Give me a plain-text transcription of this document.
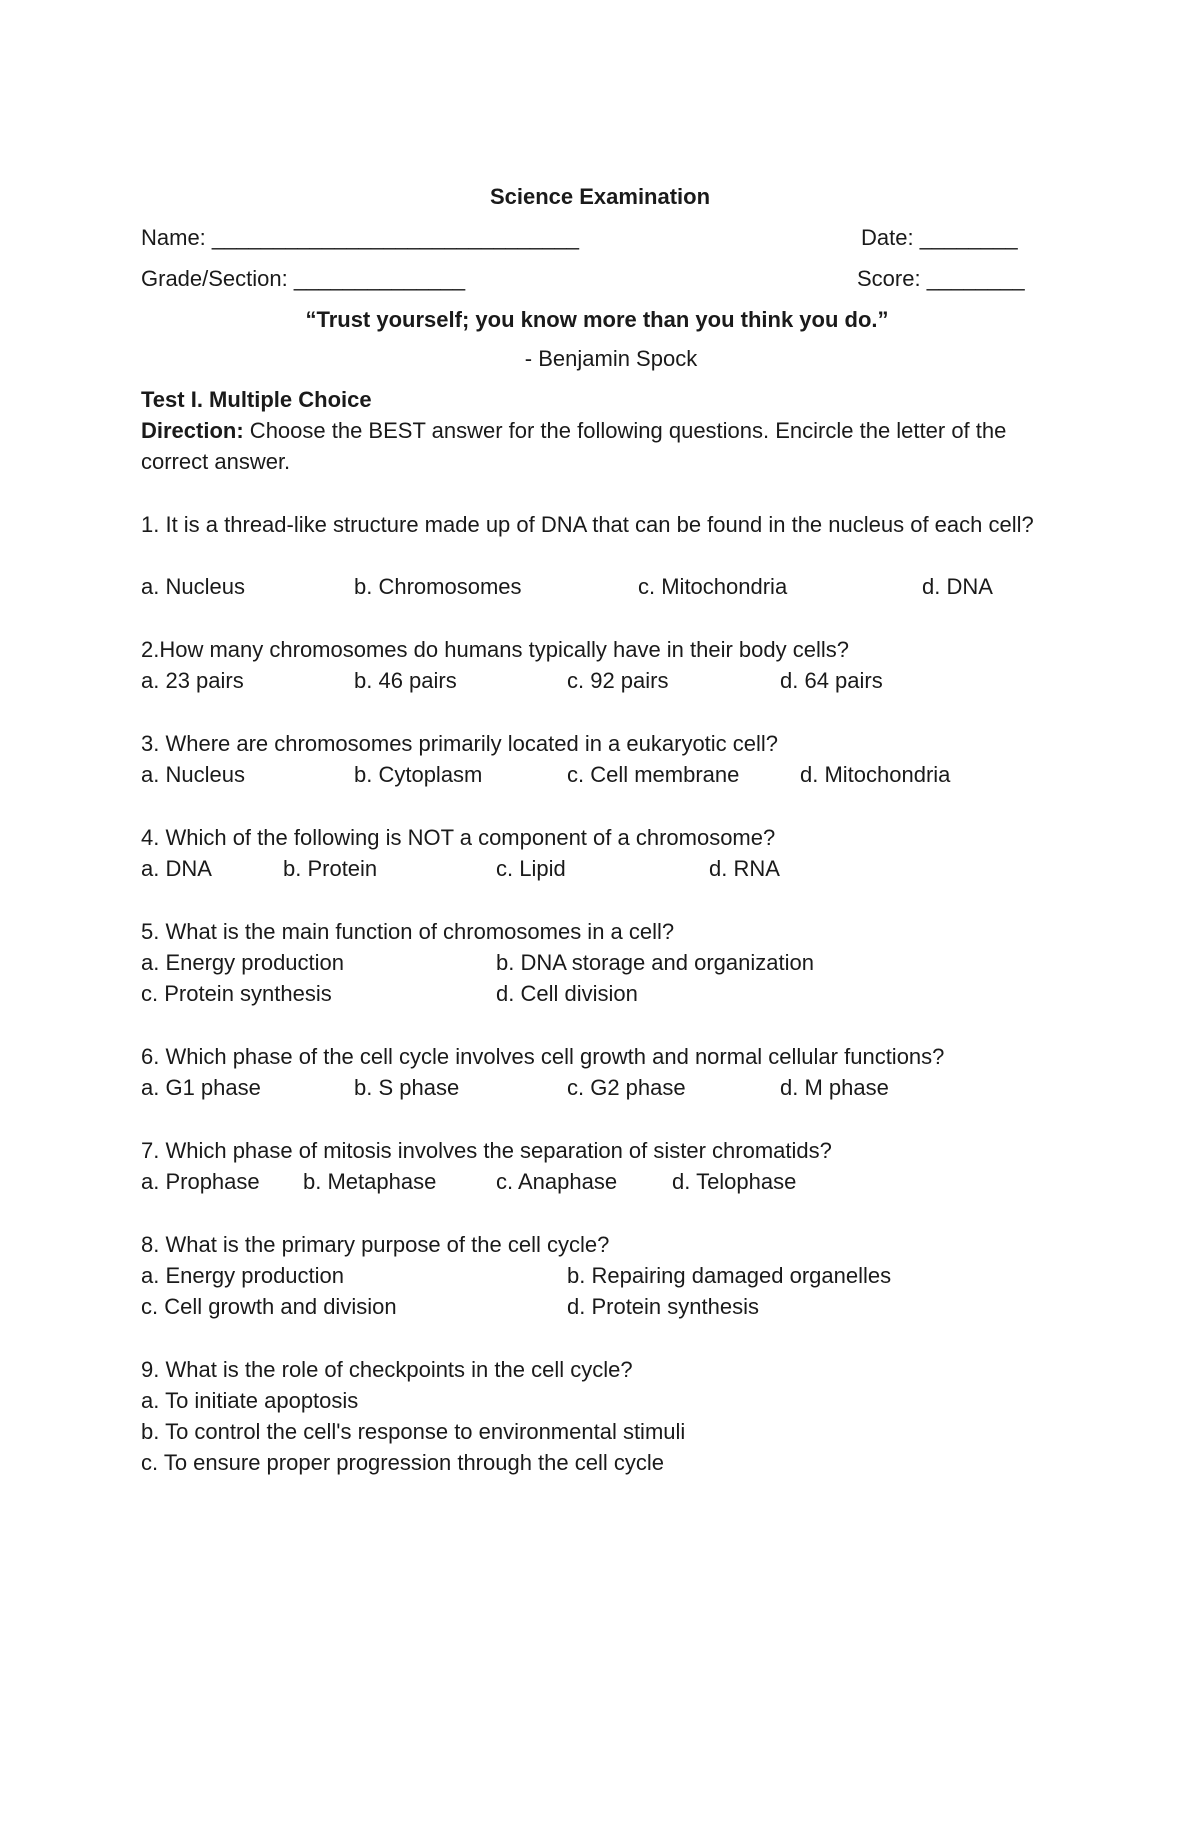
Science Examination
Name: ______________________________	Date: ________
Grade/Section: ______________	Score: ________
“Trust yourself; you know more than you think you do.”
- Benjamin Spock
Test I. Multiple Choice
Direction: Choose the BEST answer for the following questions. Encircle the letter of the correct answer.
1. It is a thread-like structure made up of DNA that can be found in the nucleus of each cell?
a. Nucleus	b. Chromosomes	c. Mitochondria	d. DNA
2.How many chromosomes do humans typically have in their body cells?
a. 23 pairs	b. 46 pairs	c. 92 pairs	d. 64 pairs
3. Where are chromosomes primarily located in a eukaryotic cell?
a. Nucleus	b. Cytoplasm	c. Cell membrane	d. Mitochondria
4. Which of the following is NOT a component of a chromosome?
a. DNA	b. Protein	c. Lipid	d. RNA
5. What is the main function of chromosomes in a cell?
a. Energy production	b. DNA storage and organization
c. Protein synthesis	d. Cell division
6. Which phase of the cell cycle involves cell growth and normal cellular functions?
a. G1 phase	b. S phase	c. G2 phase	d. M phase
7. Which phase of mitosis involves the separation of sister chromatids?
a. Prophase b. Metaphase	c. Anaphase d. Telophase
8. What is the primary purpose of the cell cycle?
a. Energy production	b. Repairing damaged organelles
c. Cell growth and division	d. Protein synthesis
9. What is the role of checkpoints in the cell cycle?
a. To initiate apoptosis
b. To control the cell's response to environmental stimuli
c. To ensure proper progression through the cell cycle
